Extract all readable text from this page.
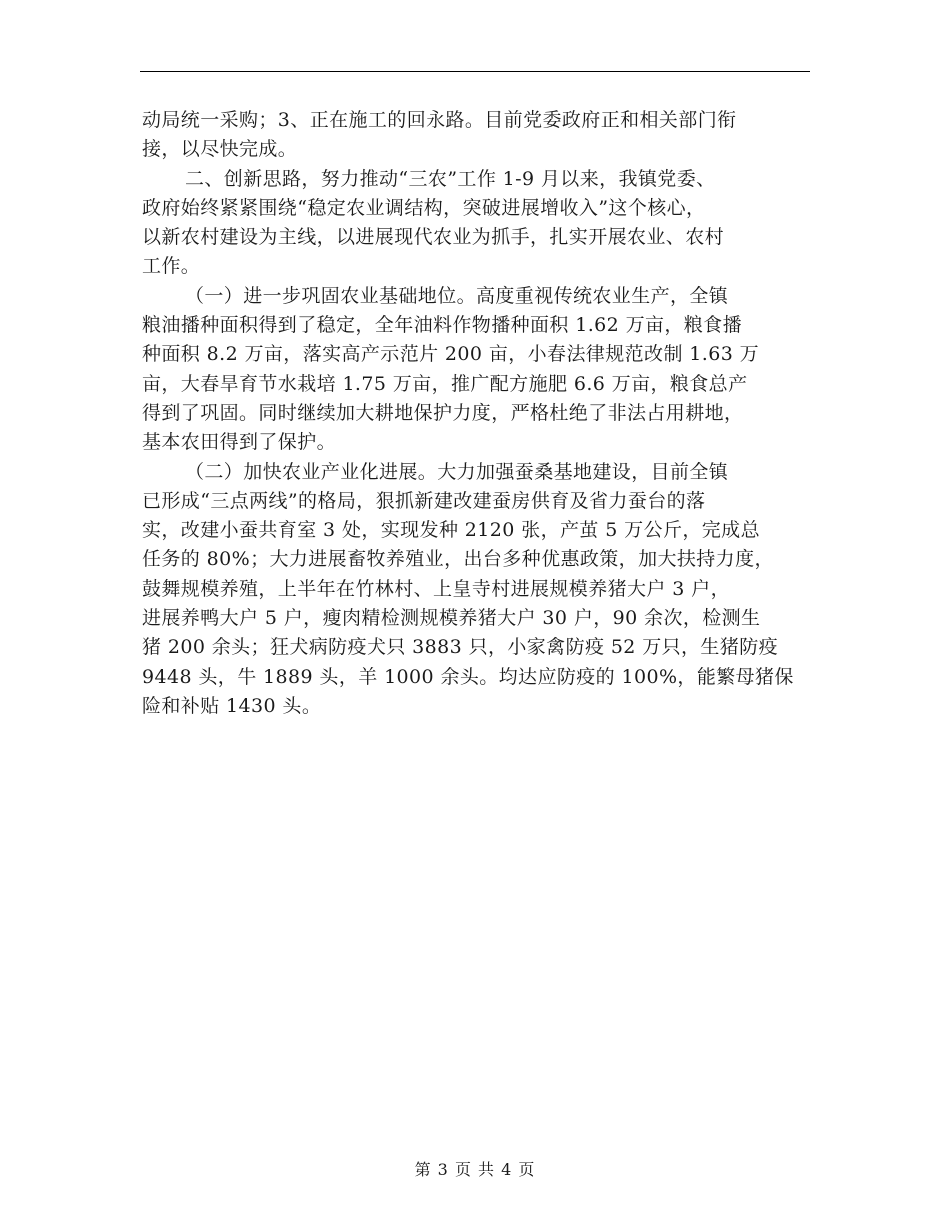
动局统一采购；3、正在施工的回永路。目前党委政府正和相关部门衔
接，以尽快完成。
二、创新思路，努力推动“三农”工作 1-9 月以来，我镇党委、
政府始终紧紧围绕“稳定农业调结构，突破进展增收入”这个核心，
以新农村建设为主线，以进展现代农业为抓手，扎实开展农业、农村
工作。
（一）进一步巩固农业基础地位。高度重视传统农业生产，全镇
粮油播种面积得到了稳定，全年油料作物播种面积 1.62 万亩，粮食播
种面积 8.2 万亩，落实高产示范片 200 亩，小春法律规范改制 1.63 万
亩，大春旱育节水栽培 1.75 万亩，推广配方施肥 6.6 万亩，粮食总产
得到了巩固。同时继续加大耕地保护力度，严格杜绝了非法占用耕地，
基本农田得到了保护。
（二）加快农业产业化进展。大力加强蚕桑基地建设，目前全镇
已形成“三点两线”的格局，狠抓新建改建蚕房供育及省力蚕台的落
实，改建小蚕共育室 3 处，实现发种 2120 张，产茧 5 万公斤，完成总
任务的 80%；大力进展畜牧养殖业，出台多种优惠政策，加大扶持力度，
鼓舞规模养殖，上半年在竹林村、上皇寺村进展规模养猪大户 3 户，
进展养鸭大户 5 户，瘦肉精检测规模养猪大户 30 户，90 余次，检测生
猪 200 余头；狂犬病防疫犬只 3883 只，小家禽防疫 52 万只，生猪防疫
9448 头，牛 1889 头，羊 1000 余头。均达应防疫的 100%，能繁母猪保
险和补贴 1430 头。
第 3 页 共 4 页
